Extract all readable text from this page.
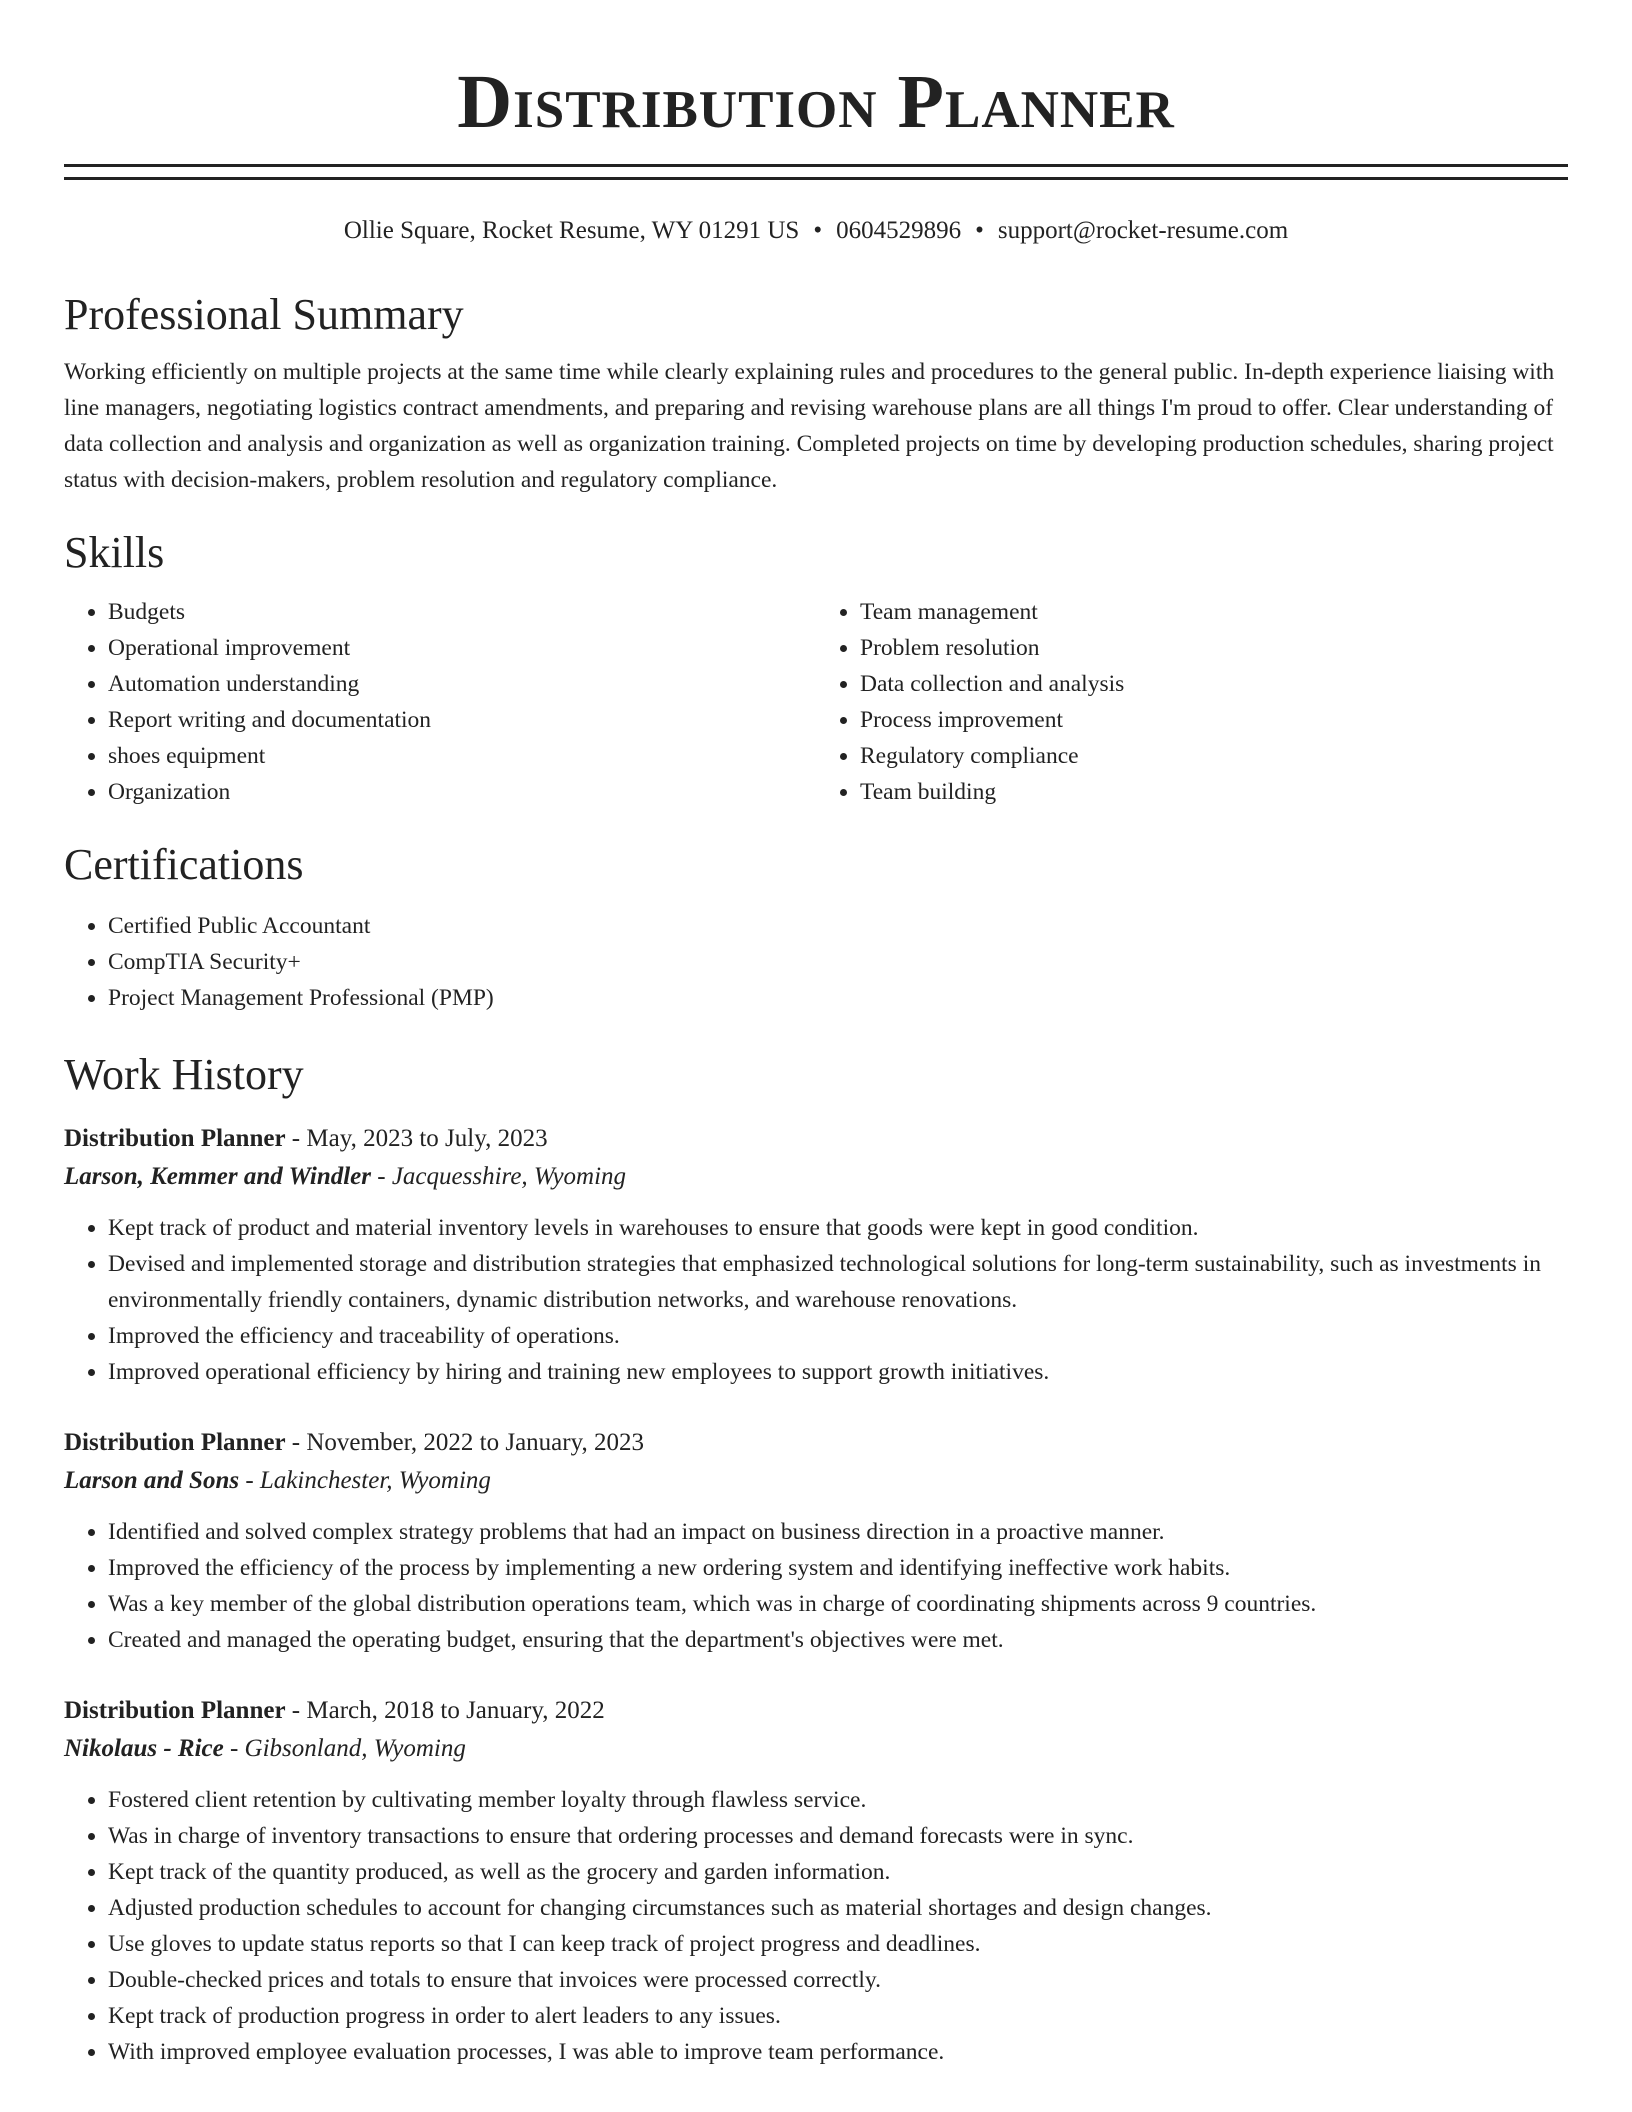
Distribution Planner
Ollie Square, Rocket Resume, WY 01291 US • 0604529896 • support@rocket-resume.com
Professional Summary

Working efficiently on multiple projects at the same time while clearly explaining rules and procedures to the general public. In-depth experience liaising with line managers, negotiating logistics contract amendments, and preparing and revising warehouse plans are all things I'm proud to offer. Clear understanding of data collection and analysis and organization as well as organization training. Completed projects on time by developing production schedules, sharing project status with decision-makers, problem resolution and regulatory compliance.

Skills
• Budgets
• Operational improvement
• Automation understanding
• Report writing and documentation
• shoes equipment
• Organization
• Team management
• Problem resolution
• Data collection and analysis
• Process improvement
• Regulatory compliance
• Team building
Certifications
• Certified Public Accountant
• CompTIA Security+
• Project Management Professional (PMP)
Work History
Distribution Planner - May, 2023 to July, 2023
Larson, Kemmer and Windler - Jacquesshire, Wyoming
• Kept track of product and material inventory levels in warehouses to ensure that goods were kept in good condition.
• Devised and implemented storage and distribution strategies that emphasized technological solutions for long-term sustainability, such as investments in environmentally friendly containers, dynamic distribution networks, and warehouse renovations.
• Improved the efficiency and traceability of operations.
• Improved operational efficiency by hiring and training new employees to support growth initiatives.
Distribution Planner - November, 2022 to January, 2023
Larson and Sons - Lakinchester, Wyoming
• Identified and solved complex strategy problems that had an impact on business direction in a proactive manner.
• Improved the efficiency of the process by implementing a new ordering system and identifying ineffective work habits.
• Was a key member of the global distribution operations team, which was in charge of coordinating shipments across 9 countries.
• Created and managed the operating budget, ensuring that the department's objectives were met.
Distribution Planner - March, 2018 to January, 2022
Nikolaus - Rice - Gibsonland, Wyoming
• Fostered client retention by cultivating member loyalty through flawless service.
• Was in charge of inventory transactions to ensure that ordering processes and demand forecasts were in sync.
• Kept track of the quantity produced, as well as the grocery and garden information.
• Adjusted production schedules to account for changing circumstances such as material shortages and design changes.
• Use gloves to update status reports so that I can keep track of project progress and deadlines.
• Double-checked prices and totals to ensure that invoices were processed correctly.
• Kept track of production progress in order to alert leaders to any issues.
• With improved employee evaluation processes, I was able to improve team performance.
